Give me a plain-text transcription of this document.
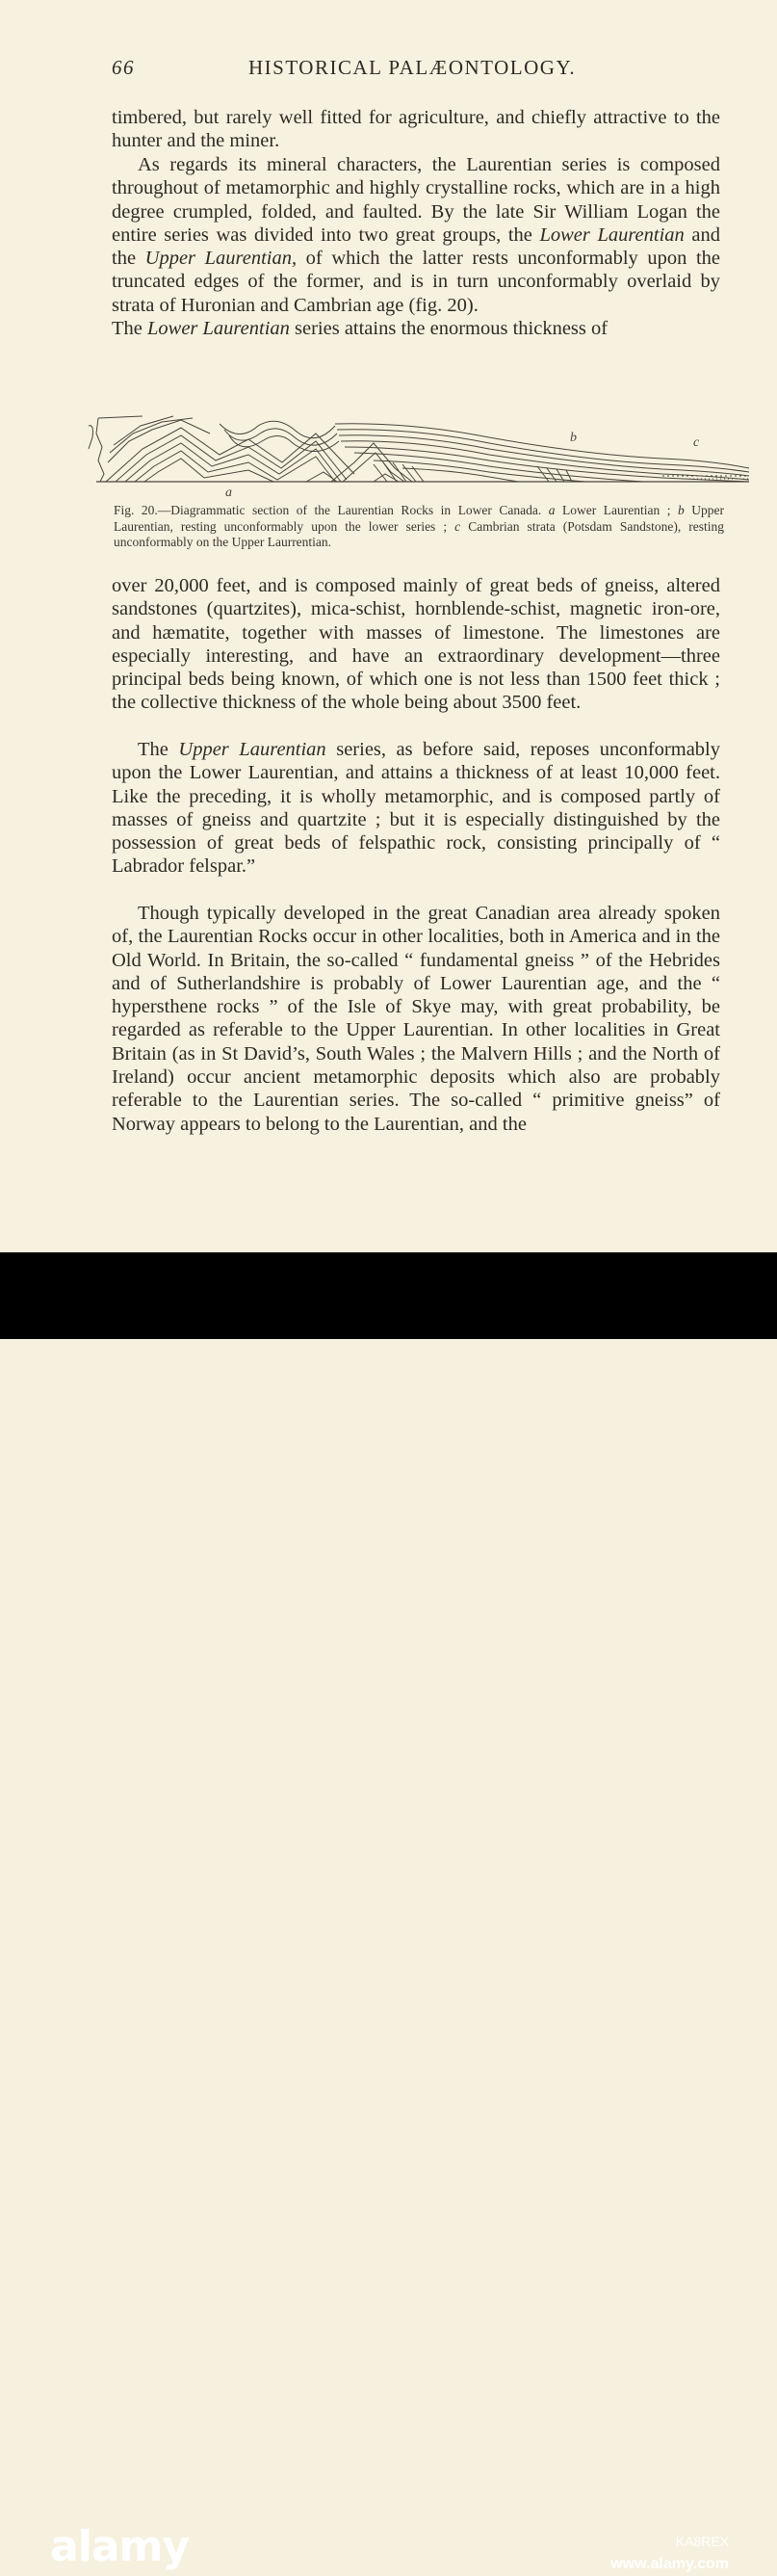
66	HISTORICAL PALÆONTOLOGY.

timbered, but rarely well fitted for agriculture, and chiefly attractive to the hunter and the miner.

As regards its mineral characters, the Laurentian series is composed throughout of metamorphic and highly crystalline rocks, which are in a high degree crumpled, folded, and faulted. By the late Sir William Logan the entire series was divided into two great groups, the Lower Laurentian and the Upper Laurentian, of which the latter rests unconformably upon the truncated edges of the former, and is in turn unconformably overlaid by strata of Huronian and Cambrian age (fig. 20).
The Lower Laurentian series attains the enormous thickness of

a
b	c

Fig. 20.—Diagrammatic section of the Laurentian Rocks in Lower Canada. a Lower Laurentian ; b Upper Laurentian, resting unconformably upon the lower series ; c Cambrian strata (Potsdam Sandstone), resting unconformably on the Upper Laurrentian.

over 20,000 feet, and is composed mainly of great beds of gneiss, altered sandstones (quartzites), mica-schist, hornblende-schist, magnetic iron-ore, and hæmatite, together with masses of limestone. The limestones are especially interesting, and have an extraordinary development—three principal beds being known, of which one is not less than 1500 feet thick ; the collective thickness of the whole being about 3500 feet.

The Upper Laurentian series, as before said, reposes unconformably upon the Lower Laurentian, and attains a thickness of at least 10,000 feet. Like the preceding, it is wholly metamorphic, and is composed partly of masses of gneiss and quartzite ; but it is especially distinguished by the possession of great beds of felspathic rock, consisting principally of “ Labrador felspar.”

Though typically developed in the great Canadian area already spoken of, the Laurentian Rocks occur in other localities, both in America and in the Old World. In Britain, the so-called “ fundamental gneiss ” of the Hebrides and of Sutherlandshire is probably of Lower Laurentian age, and the “ hypersthene rocks ” of the Isle of Skye may, with great probability, be regarded as referable to the Upper Laurentian. In other localities in Great Britain (as in St David’s, South Wales ; the Malvern Hills ; and the North of Ireland) occur ancient metamorphic deposits which also are probably referable to the Laurentian series. The so-called “ primitive gneiss” of Norway appears to belong to the Laurentian, and the

alamy	KA8REX
www.alamy.com
